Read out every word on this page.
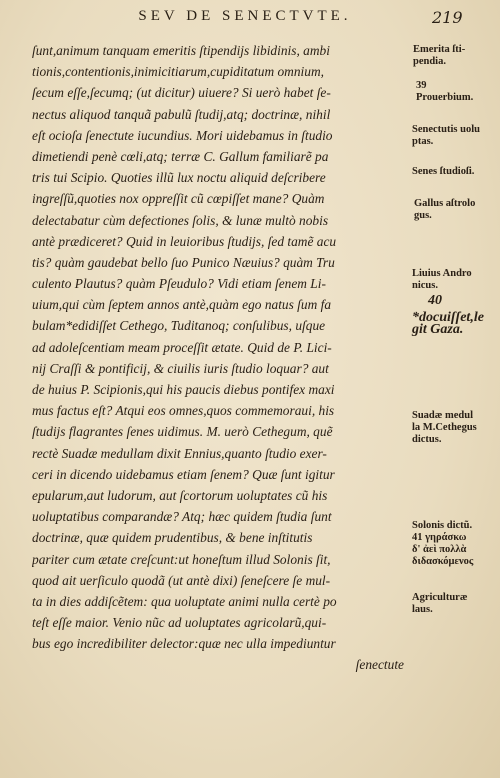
SEV DE SENECTVTE.	219
ſunt,animum tanquam emeritis ſtipendijs libidinis, ambi
tionis,contentionis,inimicitiarum,cupiditatum omnium,
ſecum eſſe,ſecumq; (ut dicitur) uiuere? Si uerò habet ſe-
nectus aliquod tanquã pabulũ ſtudij,atq; doctrinæ, nihil
eſt ocioſa ſenectute iucundius. Mori uidebamus in ſtudio
dimetiendi penè cœli,atq; terræ C. Gallum familiarẽ pa
tris tui Scipio. Quoties illũ lux noctu aliquid deſcribere
ingreſſũ,quoties nox oppreſſit cũ cœpiſſet mane? Quàm
delectabatur cùm defectiones ſolis, & lunæ multò nobis
antè prædiceret? Quid in leuioribus ſtudijs, ſed tamẽ acu
tis? quàm gaudebat bello ſuo Punico Næuius? quàm Tru
culento Plautus? quàm Pſeudulo? Vidi etiam ſenem Li-
uium,qui cùm ſeptem annos antè,quàm ego natus ſum fa
bulam*edidiſſet Cethego, Tuditanoq; conſulibus, uſque
ad adoleſcentiam meam proceſſit ætate. Quid de P. Lici-
nij Craſſi & pontificij, & ciuilis iuris ſtudio loquar? aut
de huius P. Scipionis,qui his paucis diebus pontifex maxi
mus factus eſt? Atqui eos omnes,quos commemoraui, his
ſtudijs flagrantes ſenes uidimus. M. uerò Cethegum, quẽ
rectè Suadæ medullam dixit Ennius,quanto ſtudio exer-
ceri in dicendo uidebamus etiam ſenem? Quæ ſunt igitur
epularum,aut ludorum, aut ſcortorum uoluptates cũ his
uoluptatibus comparandæ? Atq; hæc quidem ſtudia ſunt
doctrinæ, quæ quidem prudentibus, & bene inſtitutis
pariter cum ætate creſcunt:ut honeſtum illud Solonis ſit,
quod ait uerſiculo quodã (ut antè dixi) ſeneſcere ſe mul-
ta in dies addiſcẽtem: qua uoluptate animi nulla certè po
teſt eſſe maior. Venio nũc ad uoluptates agricolarũ,qui-
bus ego incredibiliter delector:quæ nec ulla impediuntur
ſenectute
Emerita ſti-
pendia.
39
Prouerbium.
Senectutis uolu
ptas.
Senes ſtudioſi.
Gallus aſtrolo
gus.
Liuius Andro
nicus.
40
*docuiſſet,le
git Gaza.
Suadæ medul
la M.Cethegus
dictus.
Solonis dictũ.
41 γηράσκω
δ' ἀεὶ πολλὰ
διδασκόμενος
Agriculturæ
laus.
